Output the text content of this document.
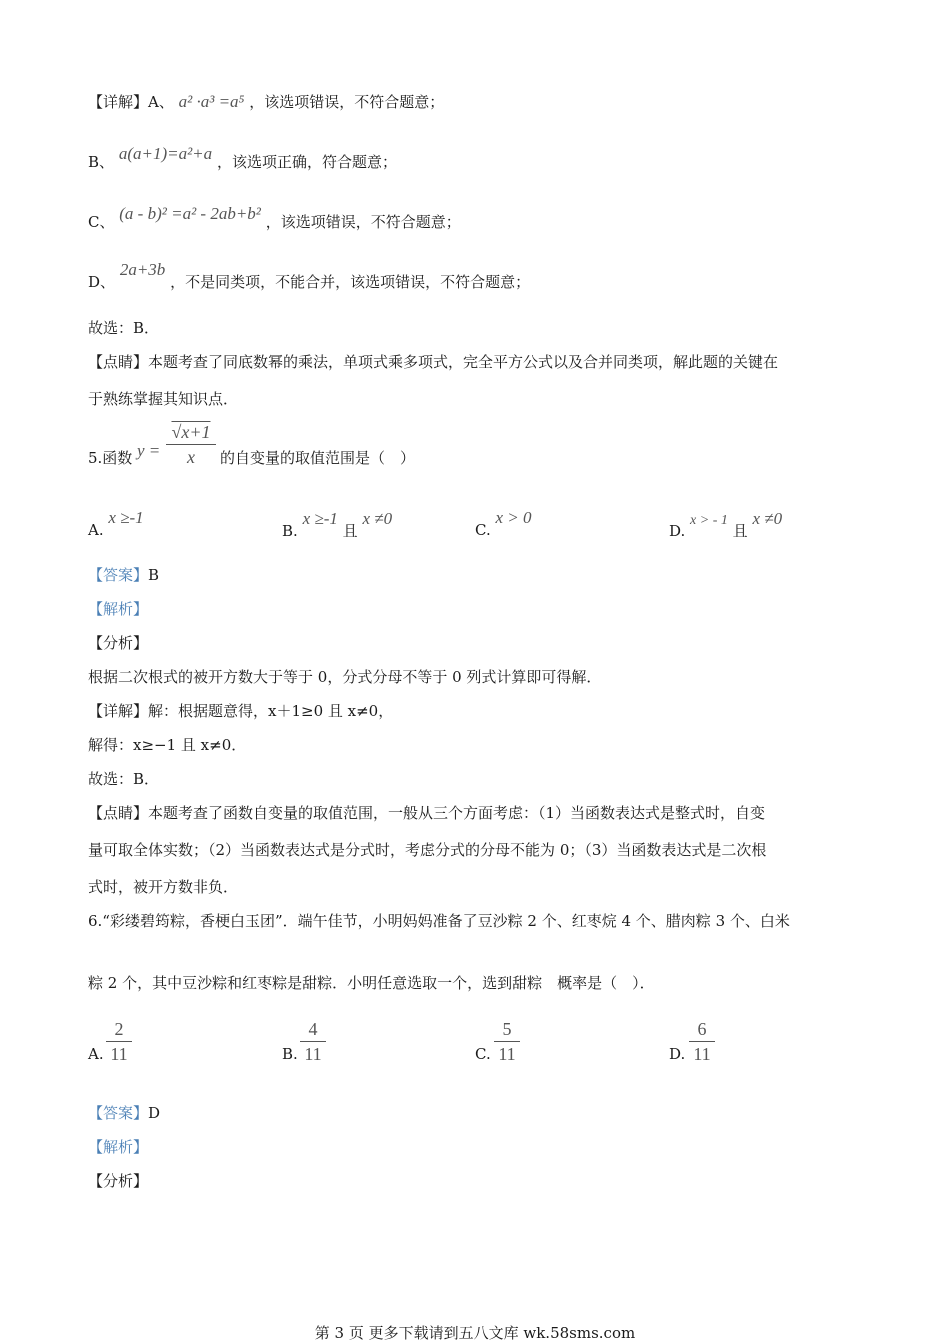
【详解】A、 a² ·a³ =a⁵ ，该选项错误，不符合题意；
B、 a(a+1)=a²+a ，该选项正确，符合题意；
C、 (a - b)² =a² - 2ab+b² ，该选项错误，不符合题意；
D、 2a+3b ，不是同类项，不能合并，该选项错误，不符合题意；
故选：B．
【点睛】本题考查了同底数幂的乘法，单项式乘多项式，完全平方公式以及合并同类项，解此题的关键在
于熟练掌握其知识点．
5.函数 y =
√x+1
x	的自变量的取值范围是（　）
A. x ≥-1
B. x ≥-1 且 x ≠0
C. x > 0
D. x > - 1 且 x ≠0
【答案】B
【解析】
【分析】
根据二次根式的被开方数大于等于 0，分式分母不等于 0 列式计算即可得解．
【详解】解：根据题意得，x＋1≥0 且 x≠0，
解得：x≥−1 且 x≠0．
故选：B．
【点睛】本题考查了函数自变量的取值范围，一般从三个方面考虑：（1）当函数表达式是整式时，自变
量可取全体实数；（2）当函数表达式是分式时，考虑分式的分母不能为 0；（3）当函数表达式是二次根
式时，被开方数非负．
6.“彩缕碧筠粽，香梗白玉团”．端午佳节，小明妈妈准备了豆沙粽 2 个、红枣烷 4 个、腊肉粽 3 个、白米
粽 2 个，其中豆沙粽和红枣粽是甜粽．小明任意选取一个，选到甜粽　概率是（　）．
A.
2
11	B.
4
11	C.
5
11	D.
6
11
【答案】D
【解析】
【分析】
第 3 页 更多下载请到五八文库 wk.58sms.com
